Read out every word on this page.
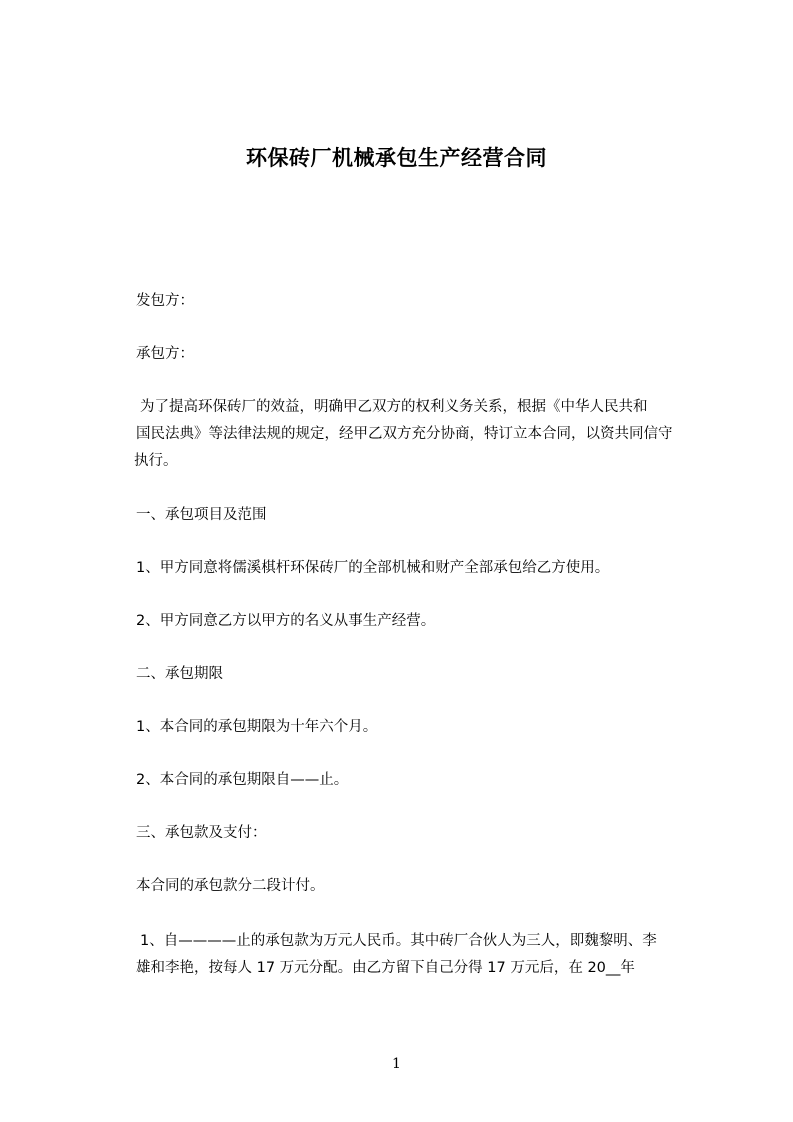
环保砖厂机械承包生产经营合同
发包方：
承包方：
为了提高环保砖厂的效益，明确甲乙双方的权利义务关系，根据《中华人民共和
国民法典》等法律法规的规定，经甲乙双方充分协商，特订立本合同，以资共同信守
执行。
一、承包项目及范围
1、甲方同意将儒溪棋杆环保砖厂的全部机械和财产全部承包给乙方使用。
2、甲方同意乙方以甲方的名义从事生产经营。
二、承包期限
1、本合同的承包期限为十年六个月。
2、本合同的承包期限自——止。
三、承包款及支付：
本合同的承包款分二段计付。
1、自————止的承包款为万元人民币。其中砖厂合伙人为三人，即魏黎明、李
雄和李艳，按每人 17 万元分配。由乙方留下自己分得 17 万元后，在 20__年
1
